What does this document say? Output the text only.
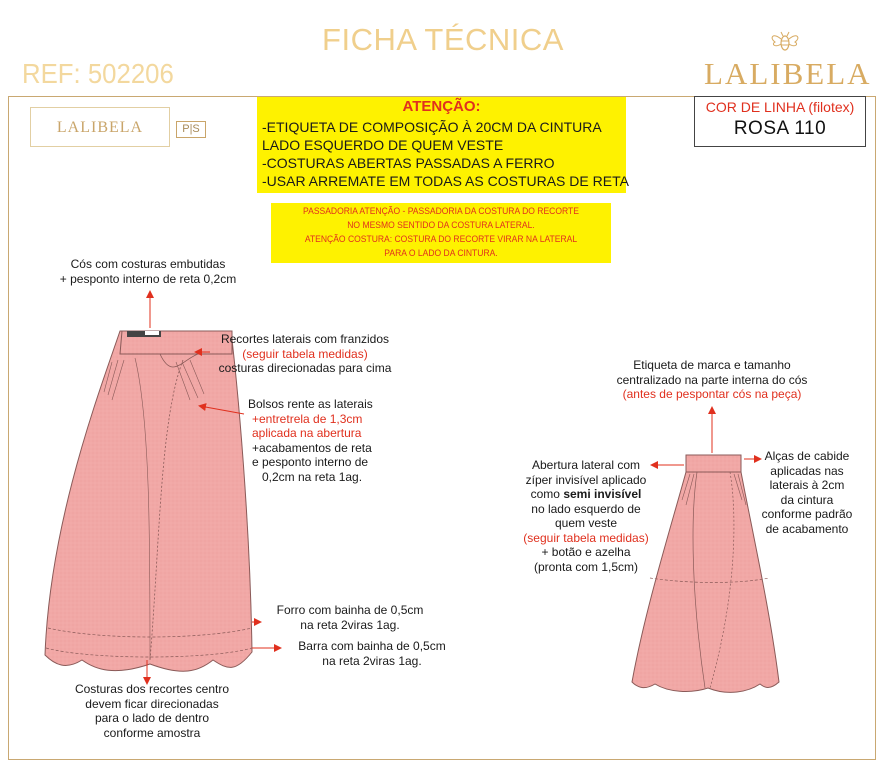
FICHA TÉCNICA
REF: 502206	LALIBELA
LALIBELA	P|S
ATENÇÃO:
-ETIQUETA DE COMPOSIÇÃO À 20CM DA CINTURA
LADO ESQUERDO DE QUEM VESTE
-COSTURAS ABERTAS PASSADAS A FERRO
-USAR ARREMATE EM TODAS AS COSTURAS DE RETA
COR DE LINHA (filotex)
ROSA 110
PASSADORIA ATENÇÃO - PASSADORIA DA COSTURA DO RECORTE
NO MESMO SENTIDO DA COSTURA LATERAL.
ATENÇÃO COSTURA: COSTURA DO RECORTE VIRAR NA LATERAL
PARA O LADO DA CINTURA.
Cós com costuras embutidas
+ pesponto interno de reta 0,2cm
Recortes laterais com franzidos
(seguir tabela medidas)
costuras direcionadas para cima
Bolsos rente as laterais
+entretrela de 1,3cm
aplicada na abertura
+acabamentos de reta
e pesponto interno de
0,2cm na reta 1ag.
Forro com bainha de 0,5cm
na reta 2viras 1ag.
Barra com bainha de 0,5cm
na reta 2viras 1ag.
Costuras dos recortes centro
devem ficar direcionadas
para o lado de dentro
conforme amostra
Etiqueta de marca e tamanho
centralizado na parte interna do cós
(antes de pespontar cós na peça)
Abertura lateral com
zíper invisível aplicado
como semi invisível
no lado esquerdo de
quem veste
(seguir tabela medidas)
+ botão e azelha
(pronta com 1,5cm)
Alças de cabide
aplicadas nas
laterais à 2cm
da cintura
conforme padrão
de acabamento
